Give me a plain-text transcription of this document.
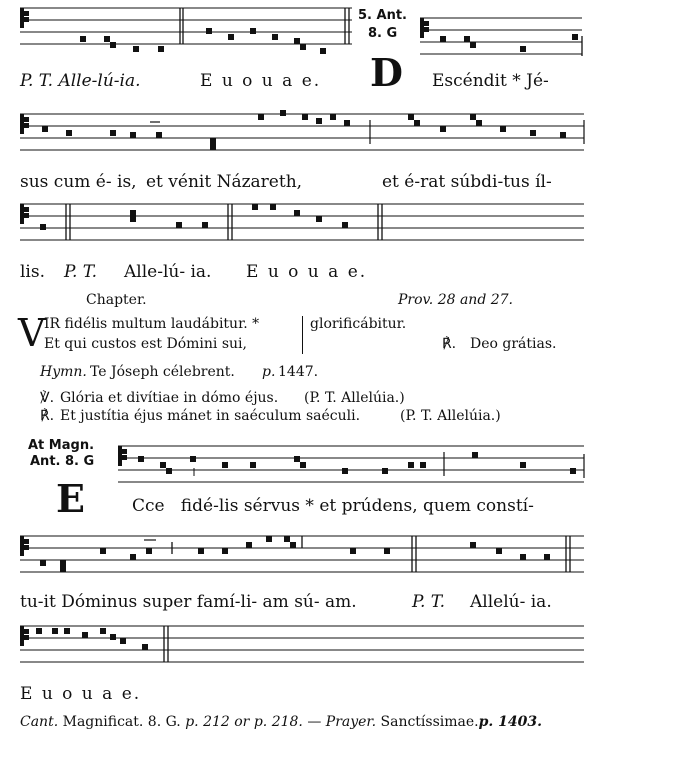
5. Ant.
8. G
P. T. Alle-lú-ia.	E u o u a e. D Escéndit * Jé-
sus cum é- is, et vénit Názareth,	et é-rat súbdi-tus íl-
lis. P. T. Alle-lú- ia. E u o u a e.
Chapter.	Prov. 28 and 27.
V
IR fidélis multum laudábitur. *
Et qui custos est Dómini sui,
glorificábitur.
℟. Deo grátias.
Hymn. Te Jóseph célebrent. p. 1447.
℣. Glória et divítiae in dómo éjus. (P. T. Allelúia.)
℟. Et justítia éjus mánet in saéculum saéculi.	(P. T. Allelúia.)
At Magn.
Ant. 8. G
E	Cce   fidé-lis sérvus * et prúdens, quem constí-
tu-it Dóminus super famí-li- am sú- am.	P. T. Allelú- ia.
E u o u a e.
Cant. Magnificat. 8. G. p. 212 or p. 218. — Prayer. Sanctíssimae.p. 1403.
